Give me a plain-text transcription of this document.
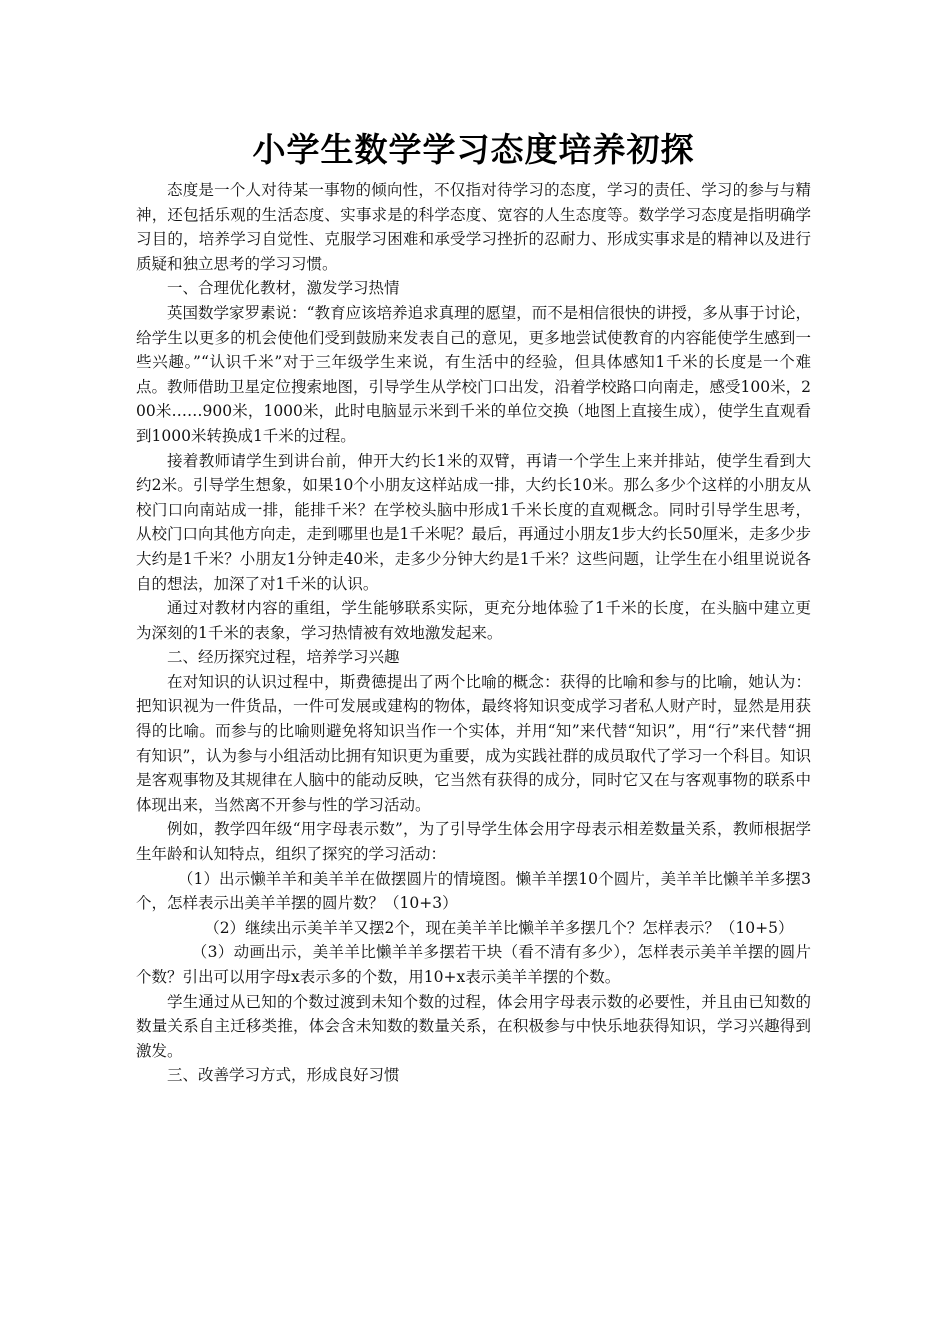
小学生数学学习态度培养初探

态度是一个人对待某一事物的倾向性，不仅指对待学习的态度，学习的责任、学习的参与与精神，还包括乐观的生活态度、实事求是的科学态度、宽容的人生态度等。数学学习态度是指明确学习目的，培养学习自觉性、克服学习困难和承受学习挫折的忍耐力、形成实事求是的精神以及进行质疑和独立思考的学习习惯。

一、合理优化教材，激发学习热情

英国数学家罗素说：“教育应该培养追求真理的愿望，而不是相信很快的讲授，多从事于讨论，给学生以更多的机会使他们受到鼓励来发表自己的意见，更多地尝试使教育的内容能使学生感到一些兴趣。”“认识千米”对于三年级学生来说，有生活中的经验，但具体感知1千米的长度是一个难点。教师借助卫星定位搜索地图，引导学生从学校门口出发，沿着学校路口向南走，感受100米，200米……900米，1000米，此时电脑显示米到千米的单位交换（地图上直接生成），使学生直观看到1000米转换成1千米的过程。

接着教师请学生到讲台前，伸开大约长1米的双臂，再请一个学生上来并排站，使学生看到大约2米。引导学生想象，如果10个小朋友这样站成一排，大约长10米。那么多少个这样的小朋友从校门口向南站成一排，能排千米？在学校头脑中形成1千米长度的直观概念。同时引导学生思考，从校门口向其他方向走，走到哪里也是1千米呢？最后，再通过小朋友1步大约长50厘米，走多少步大约是1千米？小朋友1分钟走40米，走多少分钟大约是1千米？这些问题，让学生在小组里说说各自的想法，加深了对1千米的认识。

通过对教材内容的重组，学生能够联系实际，更充分地体验了1千米的长度，在头脑中建立更为深刻的1千米的表象，学习热情被有效地激发起来。

二、经历探究过程，培养学习兴趣

在对知识的认识过程中，斯费德提出了两个比喻的概念：获得的比喻和参与的比喻，她认为：把知识视为一件货品，一件可发展或建构的物体，最终将知识变成学习者私人财产时，显然是用获得的比喻。而参与的比喻则避免将知识当作一个实体，并用“知”来代替“知识”，用“行”来代替“拥有知识”，认为参与小组活动比拥有知识更为重要，成为实践社群的成员取代了学习一个科目。知识是客观事物及其规律在人脑中的能动反映，它当然有获得的成分，同时它又在与客观事物的联系中体现出来，当然离不开参与性的学习活动。

例如，教学四年级“用字母表示数”，为了引导学生体会用字母表示相差数量关系，教师根据学生年龄和认知特点，组织了探究的学习活动：

（1）出示懒羊羊和美羊羊在做摆圆片的情境图。懒羊羊摆10个圆片，美羊羊比懒羊羊多摆3个，怎样表示出美羊羊摆的圆片数？（10+3）

（2）继续出示美羊羊又摆2个，现在美羊羊比懒羊羊多摆几个？怎样表示？（10+5）

（3）动画出示，美羊羊比懒羊羊多摆若干块（看不清有多少），怎样表示美羊羊摆的圆片个数？引出可以用字母x表示多的个数，用10+x表示美羊羊摆的个数。

学生通过从已知的个数过渡到未知个数的过程，体会用字母表示数的必要性，并且由已知数的数量关系自主迁移类推，体会含未知数的数量关系，在积极参与中快乐地获得知识，学习兴趣得到激发。

三、改善学习方式，形成良好习惯
